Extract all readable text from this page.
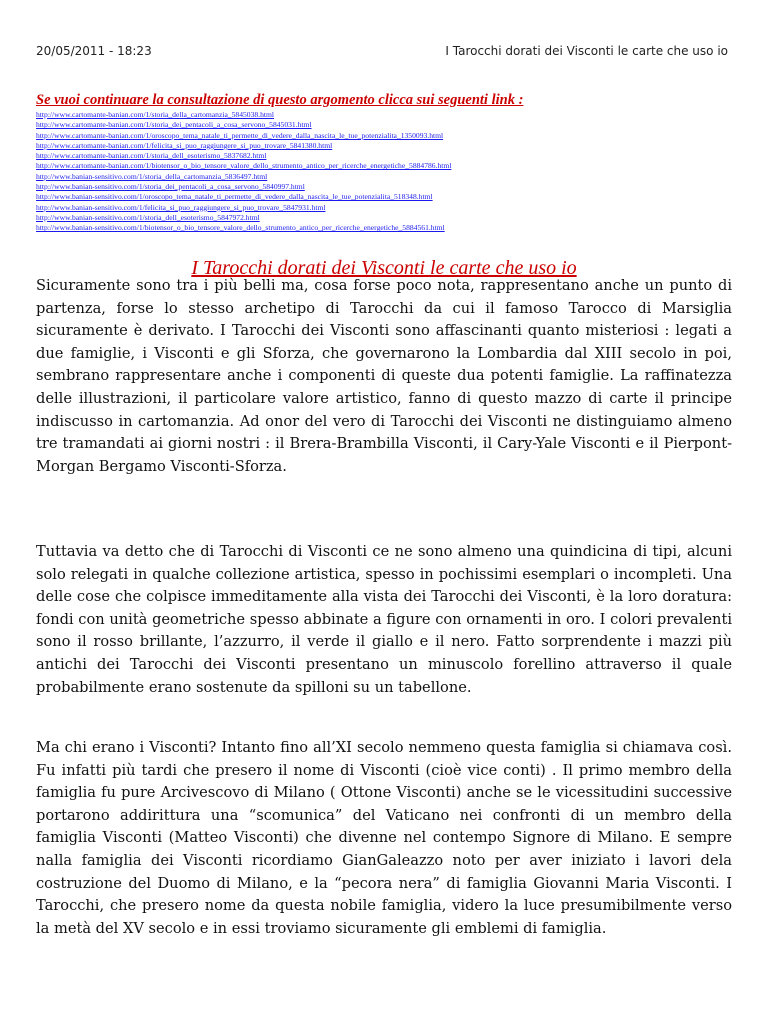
20/05/2011 - 18:23	I Tarocchi dorati dei Visconti le carte che uso io
Se vuoi continuare la consultazione di questo argomento clicca sui seguenti link :
http://www.cartomante-banian.com/1/storia_della_cartomanzia_5845038.html
http://www.cartomante-banian.com/1/storia_dei_pentacoli_a_cosa_servono_5845031.html
http://www.cartomante-banian.com/1/oroscopo_tema_natale_ti_permette_di_vedere_dalla_nascita_le_tue_potenzialita_1350093.html
http://www.cartomante-banian.com/1/felicita_si_puo_raggiungere_si_puo_trovare_5841380.html
http://www.cartomante-banian.com/1/storia_dell_esoterismo_5837682.html
http://www.cartomante-banian.com/1/biotensor_o_bio_tensore_valore_dello_strumento_antico_per_ricerche_energetiche_5884786.html
http://www.banian-sensitivo.com/1/storia_della_cartomanzia_5836497.html
http://www.banian-sensitivo.com/1/storia_dei_pentacoli_a_cosa_servono_5840997.html
http://www.banian-sensitivo.com/1/oroscopo_tema_natale_ti_permette_di_vedere_dalla_nascita_le_tue_potenzialita_518348.html
http://www.banian-sensitivo.com/1/felicita_si_puo_raggiungere_si_puo_trovare_5847931.html
http://www.banian-sensitivo.com/1/storia_dell_esoterismo_5847972.html
http://www.banian-sensitivo.com/1/biotensor_o_bio_tensore_valore_dello_strumento_antico_per_ricerche_energetiche_5884561.html
I Tarocchi dorati dei Visconti le carte che uso io

Sicuramente sono tra i più belli ma, cosa forse poco nota, rappresentano anche un punto di partenza, forse lo stesso archetipo di Tarocchi da cui il famoso Tarocco di Marsiglia sicuramente è derivato. I Tarocchi dei Visconti sono affascinanti quanto misteriosi : legati a due famiglie, i Visconti e gli Sforza, che governarono la Lombardia dal XIII secolo in poi, sembrano rappresentare anche i componenti di queste dua potenti famiglie. La raffinatezza delle illustrazioni, il particolare valore artistico, fanno di questo mazzo di carte il principe indiscusso in cartomanzia. Ad onor del vero di Tarocchi dei Visconti ne distinguiamo almeno tre tramandati ai giorni nostri : il Brera-Brambilla Visconti, il Cary-Yale Visconti e il Pierpont-Morgan Bergamo Visconti-Sforza.

Tuttavia va detto che di Tarocchi di Visconti ce ne sono almeno una quindicina di tipi, alcuni solo relegati in qualche collezione artistica, spesso in pochissimi esemplari o incompleti. Una delle cose che colpisce immeditamente alla vista dei Tarocchi dei Visconti, è la loro doratura: fondi con unità geometriche spesso abbinate a figure con ornamenti in oro. I colori prevalenti sono il rosso brillante, l’azzurro, il verde il giallo e il nero. Fatto sorprendente i mazzi più antichi dei Tarocchi dei Visconti presentano un minuscolo forellino attraverso il quale probabilmente erano sostenute da spilloni su un tabellone.

Ma chi erano i Visconti? Intanto fino all’XI secolo nemmeno questa famiglia si chiamava così. Fu infatti più tardi che presero il nome di Visconti (cioè vice conti) . Il primo membro della famiglia fu pure Arcivescovo di Milano ( Ottone Visconti) anche se le vicessitudini successive portarono addirittura una “scomunica” del Vaticano nei confronti di un membro della famiglia Visconti (Matteo Visconti) che divenne nel contempo Signore di Milano. E sempre nalla famiglia dei Visconti ricordiamo GianGaleazzo noto per aver iniziato i lavori dela costruzione del Duomo di Milano, e la “pecora nera” di famiglia Giovanni Maria Visconti. I Tarocchi, che presero nome da questa nobile famiglia, videro la luce presumibilmente verso la metà del XV secolo e in essi troviamo sicuramente gli emblemi di famiglia.
